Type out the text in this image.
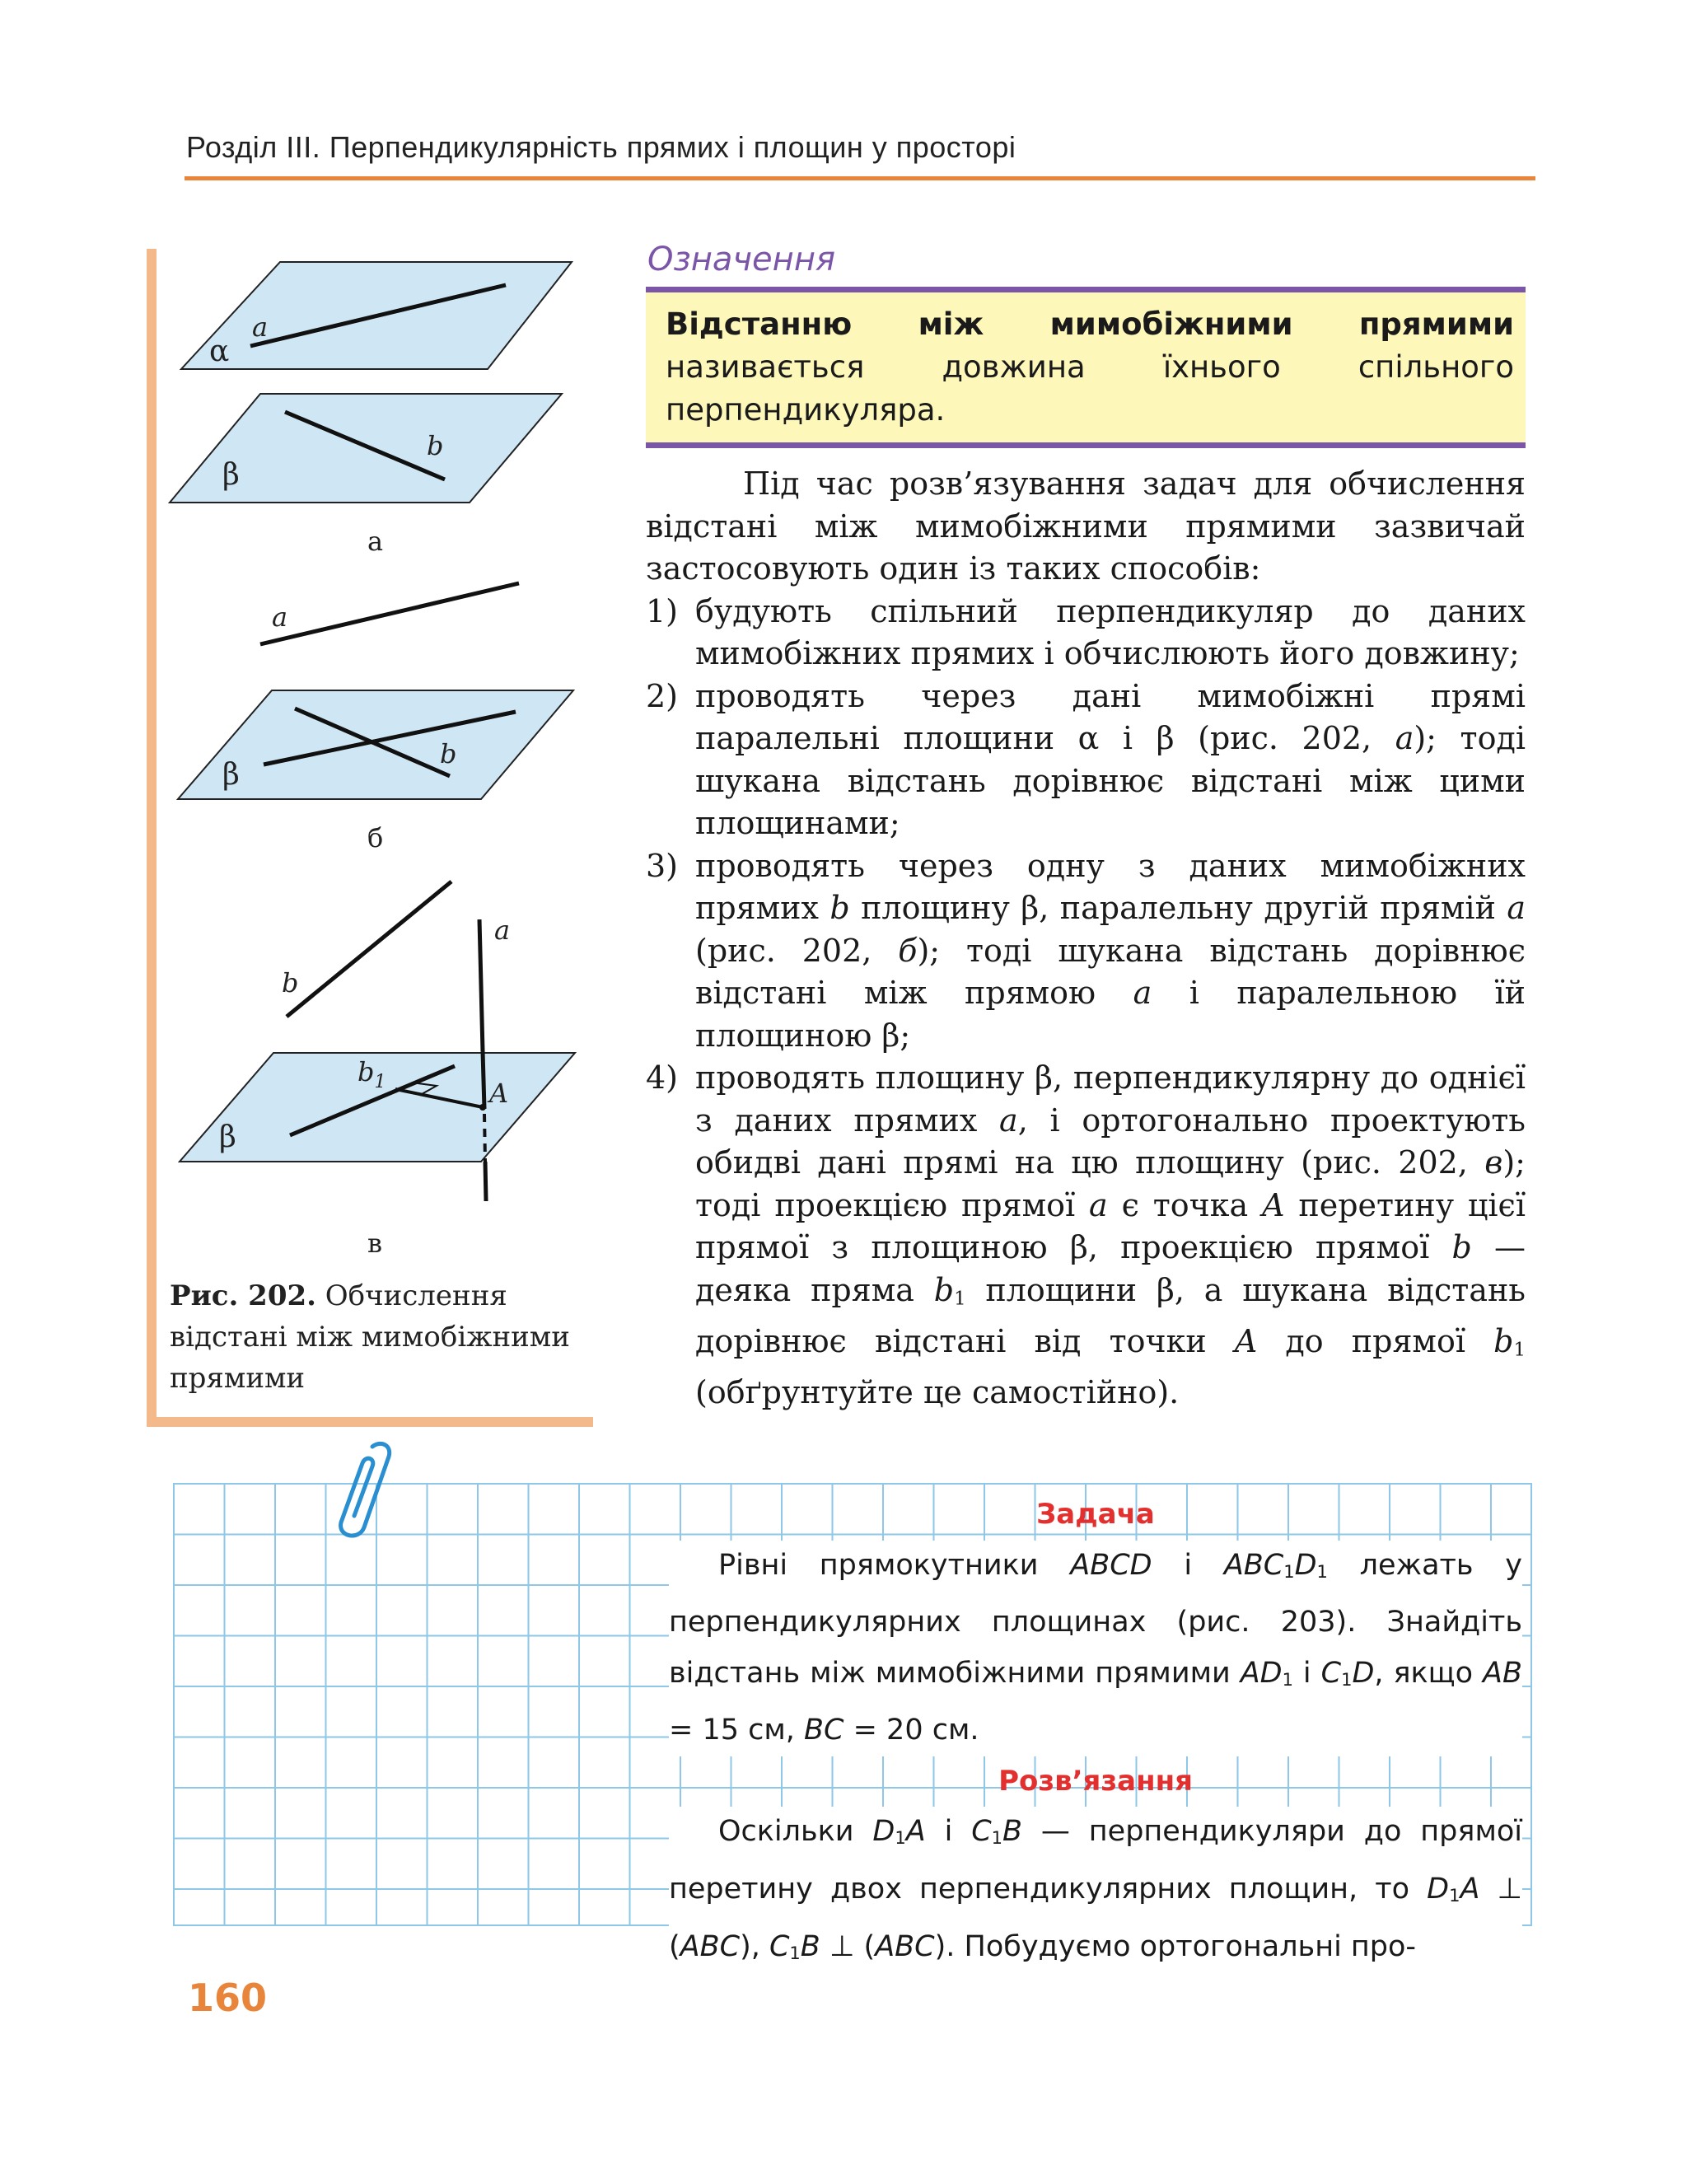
Розділ III. Перпендикулярність прямих і площин у просторі
a
α
b
β
а
a
b
β
б
b
a
$b_1$	A
β
в
Рис. 202. Обчислення відстані між мимобіжними прямими
Означення
Відстанню між мимобіжними прямими називається довжина їхнього спільного перпендикуляра.

Під час розв’язування задач для обчислення відстані між мимобіжними прямими зазвичай застосовують один із таких способів:

1) будують спільний перпендикуляр до даних мимобіжних прямих і обчислюють його довжину;
2) проводять через дані мимобіжні прямі паралельні площини α і β (рис. 202, а); тоді шукана відстань дорівнює відстані між цими площинами;
3) проводять через одну з даних мимобіжних прямих b площину β, паралельну другій прямій a (рис. 202, б); тоді шукана відстань дорівнює відстані між прямою a і паралельною їй площиною β;
4) проводять площину β, перпендикулярну до однієї з даних прямих a, і ортогонально проектують обидві дані прямі на цю площину (рис. 202, в); тоді проекцією прямої a є точка A перетину цієї прямої з площиною β, проекцією прямої b — деяка пряма $b_1$ площини β, а шукана відстань дорівнює відстані від точки A до прямої $b_1$ (обґрунтуйте це самостійно).
Задача

Рівні прямокутники ABCD і $ABC_1D_1$ лежать у перпендикулярних площинах (рис. 203). Знайдіть відстань між мимобіжними прямими $AD_1$ і $C_1D$, якщо AB = 15 см, BC = 20 см.

Розв’язання

Оскільки $D_1A$ і $C_1B$ — перпендикуляри до прямої перетину двох перпендикулярних площин, то $D_1A$ ⊥ (ABC), $C_1B$ ⊥ (ABC). Побудуємо ортогональні про-

160
